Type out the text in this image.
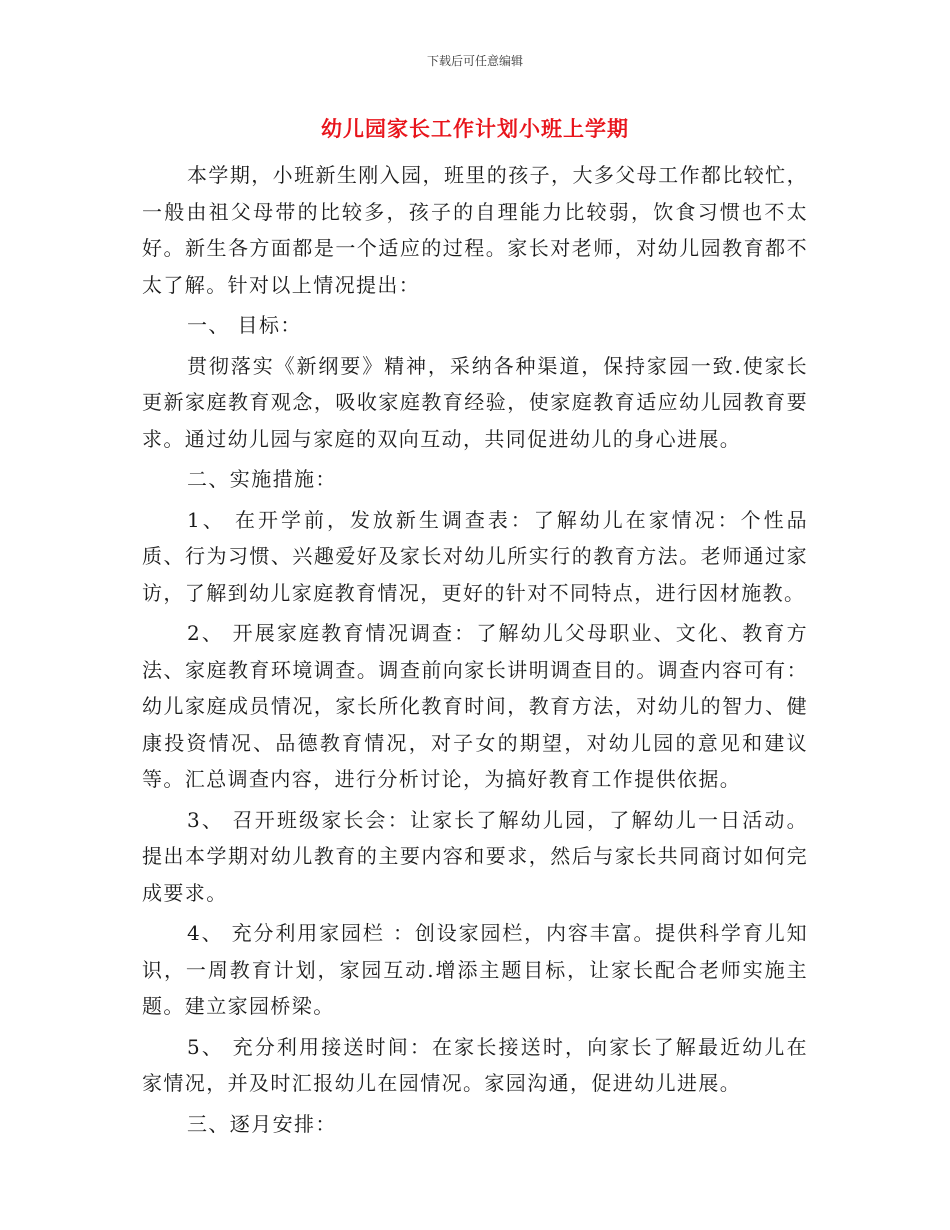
下载后可任意编辑
幼儿园家长工作计划小班上学期

本学期，小班新生刚入园，班里的孩子，大多父母工作都比较忙，一般由祖父母带的比较多，孩子的自理能力比较弱，饮食习惯也不太好。新生各方面都是一个适应的过程。家长对老师，对幼儿园教育都不太了解。针对以上情况提出：

一、 目标：

贯彻落实《新纲要》精神，采纳各种渠道，保持家园一致.使家长更新家庭教育观念，吸收家庭教育经验，使家庭教育适应幼儿园教育要求。通过幼儿园与家庭的双向互动，共同促进幼儿的身心进展。

二、实施措施：

1、 在开学前，发放新生调查表：了解幼儿在家情况：个性品质、行为习惯、兴趣爱好及家长对幼儿所实行的教育方法。老师通过家访，了解到幼儿家庭教育情况，更好的针对不同特点，进行因材施教。

2、 开展家庭教育情况调查：了解幼儿父母职业、文化、教育方法、家庭教育环境调查。调查前向家长讲明调查目的。调查内容可有：幼儿家庭成员情况，家长所化教育时间，教育方法，对幼儿的智力、健康投资情况、品德教育情况，对子女的期望，对幼儿园的意见和建议等。汇总调查内容，进行分析讨论，为搞好教育工作提供依据。

3、 召开班级家长会：让家长了解幼儿园，了解幼儿一日活动。提出本学期对幼儿教育的主要内容和要求，然后与家长共同商讨如何完成要求。

4、 充分利用家园栏 ：创设家园栏，内容丰富。提供科学育儿知识，一周教育计划，家园互动.增添主题目标，让家长配合老师实施主题。建立家园桥梁。

5、 充分利用接送时间：在家长接送时，向家长了解最近幼儿在家情况，并及时汇报幼儿在园情况。家园沟通，促进幼儿进展。

三、逐月安排：
